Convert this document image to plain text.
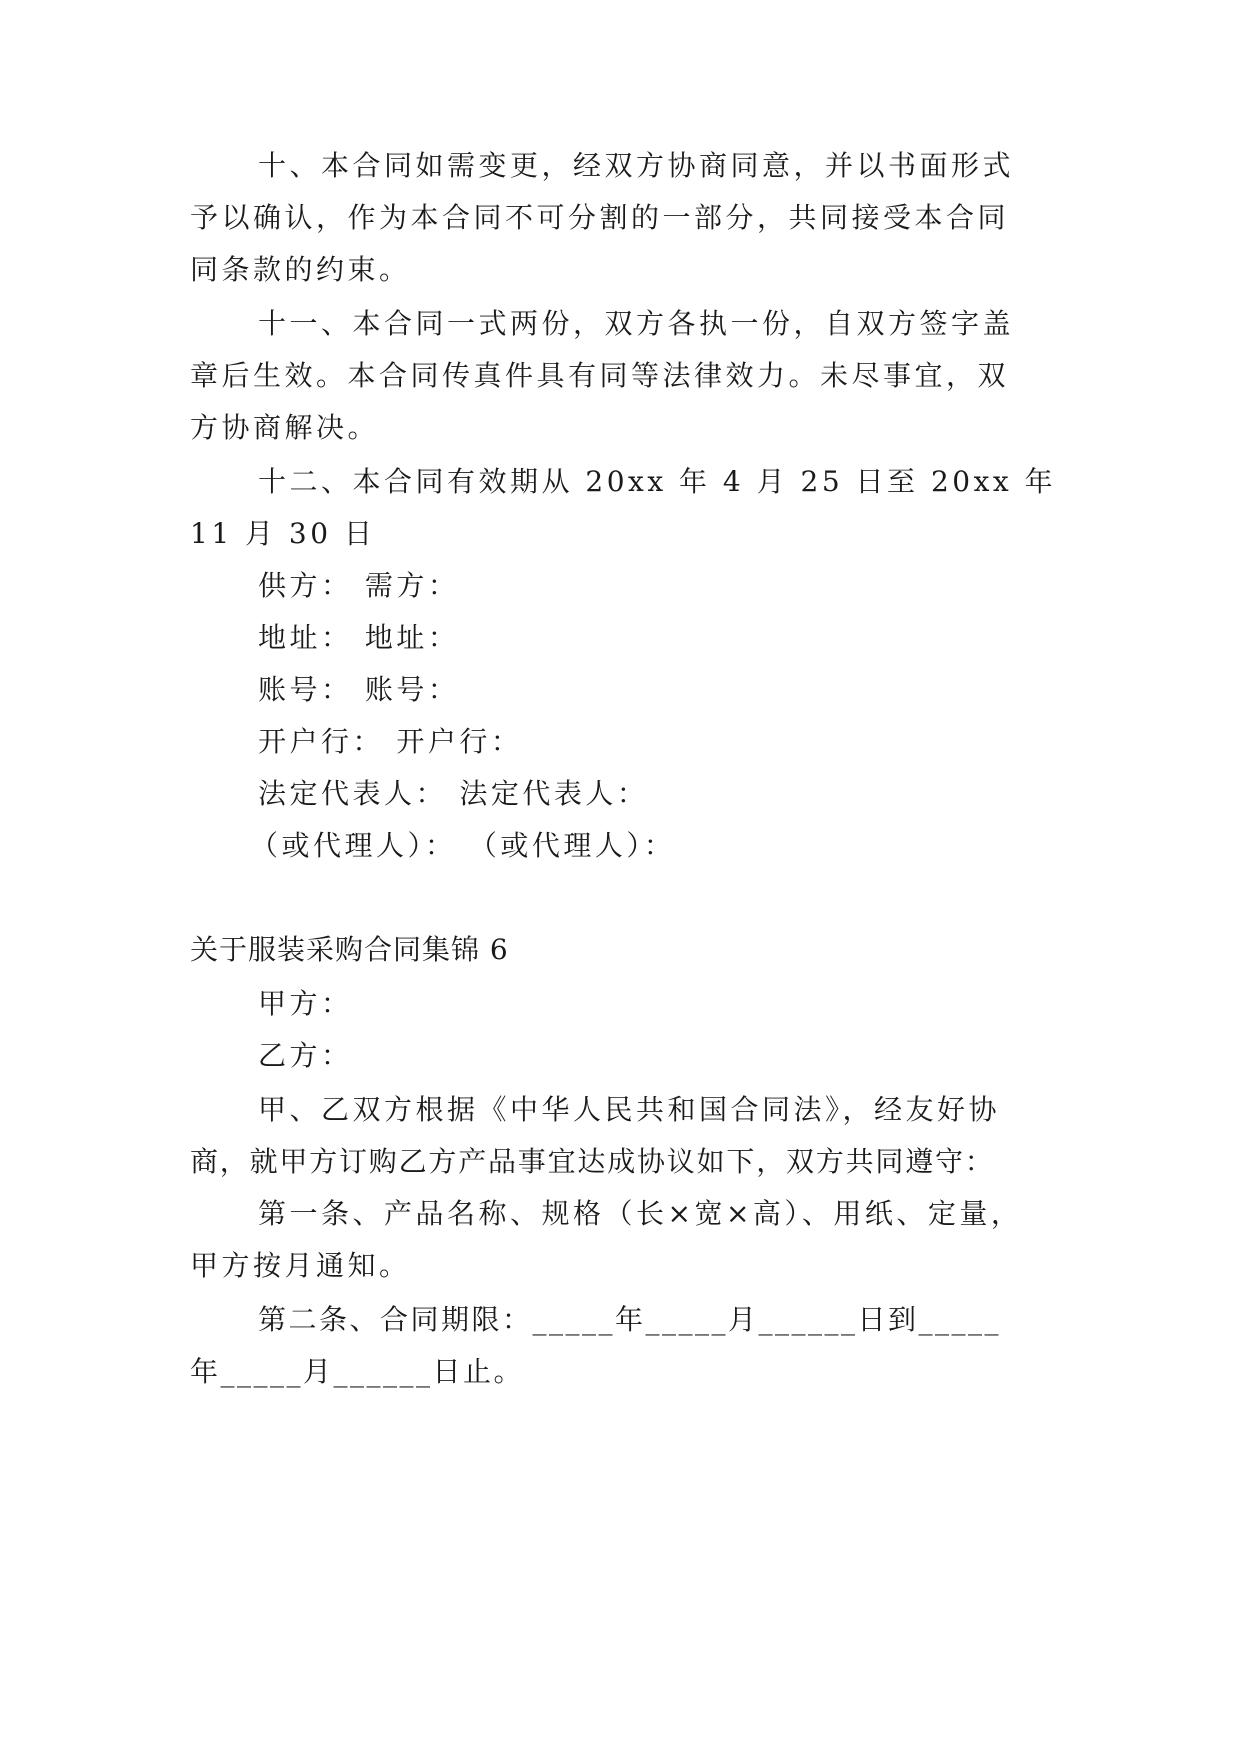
十、本合同如需变更，经双方协商同意，并以书面形式
予以确认，作为本合同不可分割的一部分，共同接受本合同
同条款的约束。
十一、本合同一式两份，双方各执一份，自双方签字盖
章后生效。本合同传真件具有同等法律效力。未尽事宜，双
方协商解决。
十二、本合同有效期从 20xx 年 4 月 25 日至 20xx 年
11 月 30 日
供方： 需方：
地址： 地址：
账号： 账号：
开户行： 开户行：
法定代表人： 法定代表人：
（或代理人）： （或代理人）：
关于服装采购合同集锦 6
甲方：
乙方：
甲、乙双方根据《中华人民共和国合同法》，经友好协
商，就甲方订购乙方产品事宜达成协议如下，双方共同遵守：
第一条、产品名称、规格（长×宽×高）、用纸、定量，
甲方按月通知。
第二条、合同期限：_____年_____月______日到_____
年_____月______日止。
